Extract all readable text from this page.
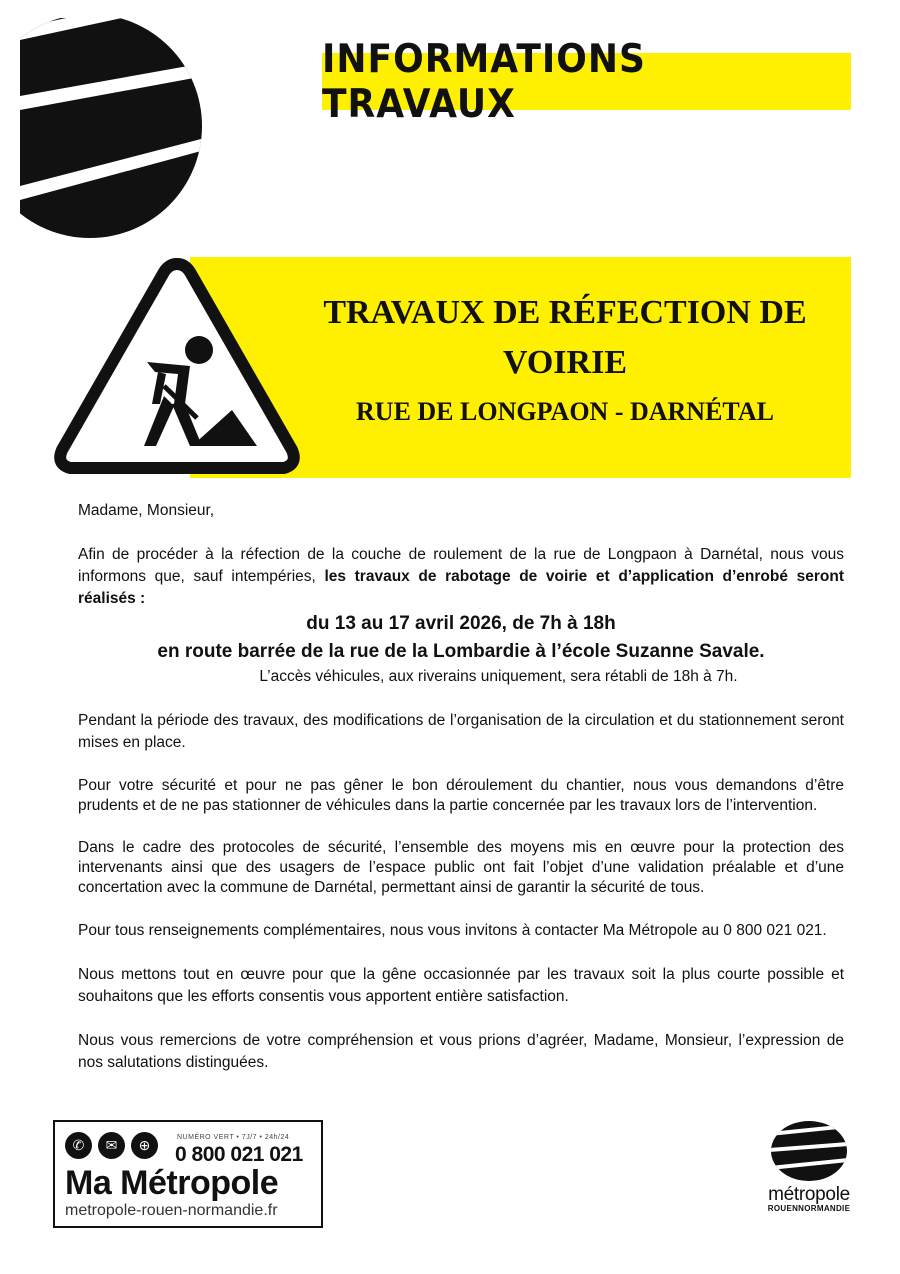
INFORMATIONS TRAVAUX
TRAVAUX DE RÉFECTION DE VOIRIE
RUE DE LONGPAON - DARNÉTAL

Madame, Monsieur,

Afin de procéder à la réfection de la couche de roulement de la rue de Longpaon à Darnétal, nous vous informons que, sauf intempéries, les travaux de rabotage de voirie et d’application d’enrobé seront réalisés :

du 13 au 17 avril 2026, de 7h à 18h

en route barrée de la rue de la Lombardie à l’école Suzanne Savale.

L’accès véhicules, aux riverains uniquement, sera rétabli de 18h à 7h.

Pendant la période des travaux, des modifications de l’organisation de la circulation et du stationnement seront mises en place.

Pour votre sécurité et pour ne pas gêner le bon déroulement du chantier, nous vous demandons d’être prudents et de ne pas stationner de véhicules dans la partie concernée par les travaux lors de l’intervention.

Dans le cadre des protocoles de sécurité, l’ensemble des moyens mis en œuvre pour la protection des intervenants ainsi que des usagers de l’espace public ont fait l’objet d’une validation préalable et d’une concertation avec la commune de Darnétal, permettant ainsi de garantir la sécurité de tous.

Pour tous renseignements complémentaires, nous vous invitons à contacter Ma Métropole au 0 800 021 021.

Nous mettons tout en œuvre pour que la gêne occasionnée par les travaux soit la plus courte possible et souhaitons que les efforts consentis vous apportent entière satisfaction.

Nous vous remercions de votre compréhension et vous prions d’agréer, Madame, Monsieur, l’expression de nos salutations distinguées.

✆	✉	⊕	NUMÉRO VERT • 7J/7 • 24h/24
0 800 021 021
Ma Métropole
metropole-rouen-normandie.fr
métropole
ROUENNORMANDIE
